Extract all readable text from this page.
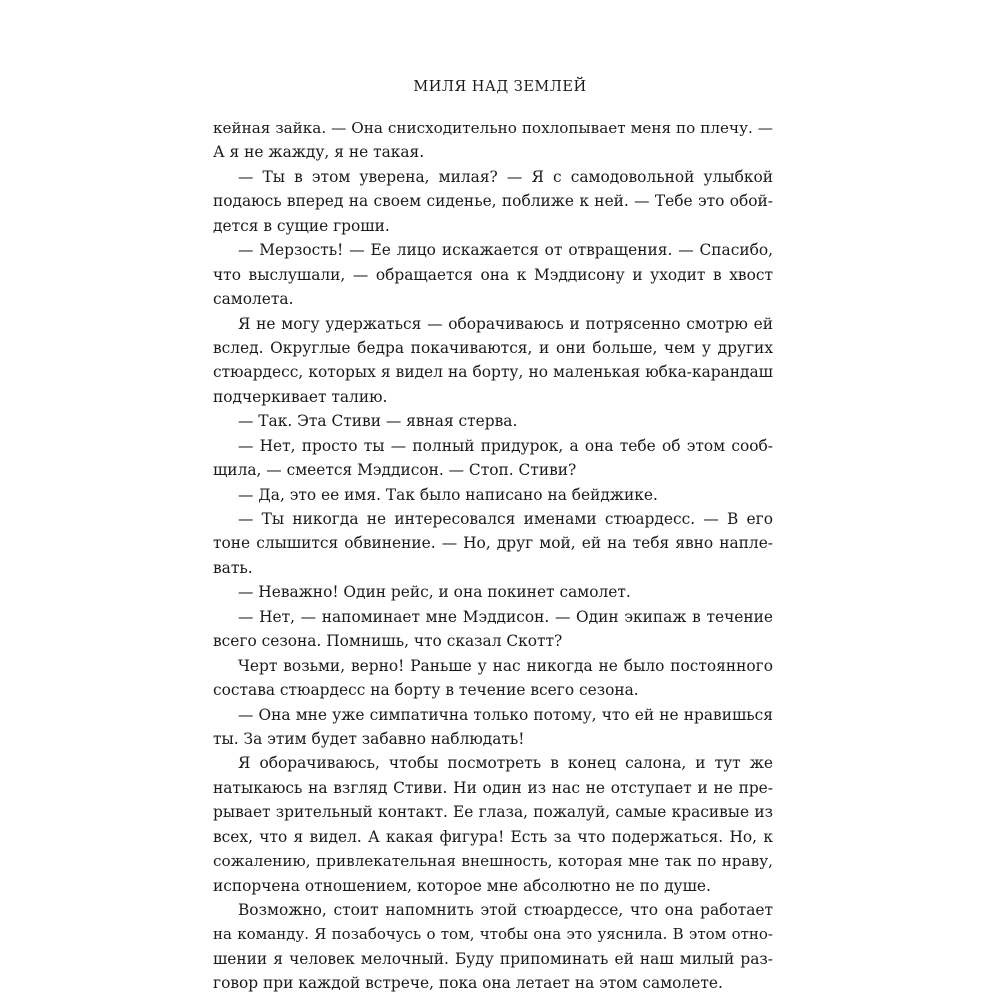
МИЛЯ НАД ЗЕМЛЕЙ
кейная зайка. — Она снисходительно похлопывает меня по плечу. —
А я не жажду, я не такая.
— Ты в этом уверена, милая? — Я с самодовольной улыбкой
подаюсь вперед на своем сиденье, поближе к ней. — Тебе это обой-
дется в сущие гроши.
— Мерзость! — Ее лицо искажается от отвращения. — Спасибо,
что выслушали, — обращается она к Мэддисону и уходит в хвост
самолета.
Я не могу удержаться — оборачиваюсь и потрясенно смотрю ей
вслед. Округлые бедра покачиваются, и они больше, чем у других
стюардесс, которых я видел на борту, но маленькая юбка-карандаш
подчеркивает талию.
— Так. Эта Стиви — явная стерва.
— Нет, просто ты — полный придурок, а она тебе об этом сооб-
щила, — смеется Мэддисон. — Стоп. Стиви?
— Да, это ее имя. Так было написано на бейджике.
— Ты никогда не интересовался именами стюардесс. — В его
тоне слышится обвинение. — Но, друг мой, ей на тебя явно напле-
вать.
— Неважно! Один рейс, и она покинет самолет.
— Нет, — напоминает мне Мэддисон. — Один экипаж в течение
всего сезона. Помнишь, что сказал Скотт?
Черт возьми, верно! Раньше у нас никогда не было постоянного
состава стюардесс на борту в течение всего сезона.
— Она мне уже симпатична только потому, что ей не нравишься
ты. За этим будет забавно наблюдать!
Я оборачиваюсь, чтобы посмотреть в конец салона, и тут же
натыкаюсь на взгляд Стиви. Ни один из нас не отступает и не пре-
рывает зрительный контакт. Ее глаза, пожалуй, самые красивые из
всех, что я видел. А какая фигура! Есть за что подержаться. Но, к
сожалению, привлекательная внешность, которая мне так по нраву,
испорчена отношением, которое мне абсолютно не по душе.
Возможно, стоит напомнить этой стюардессе, что она работает
на команду. Я позабочусь о том, чтобы она это уяснила. В этом отно-
шении я человек мелочный. Буду припоминать ей наш милый раз-
говор при каждой встрече, пока она летает на этом самолете.
